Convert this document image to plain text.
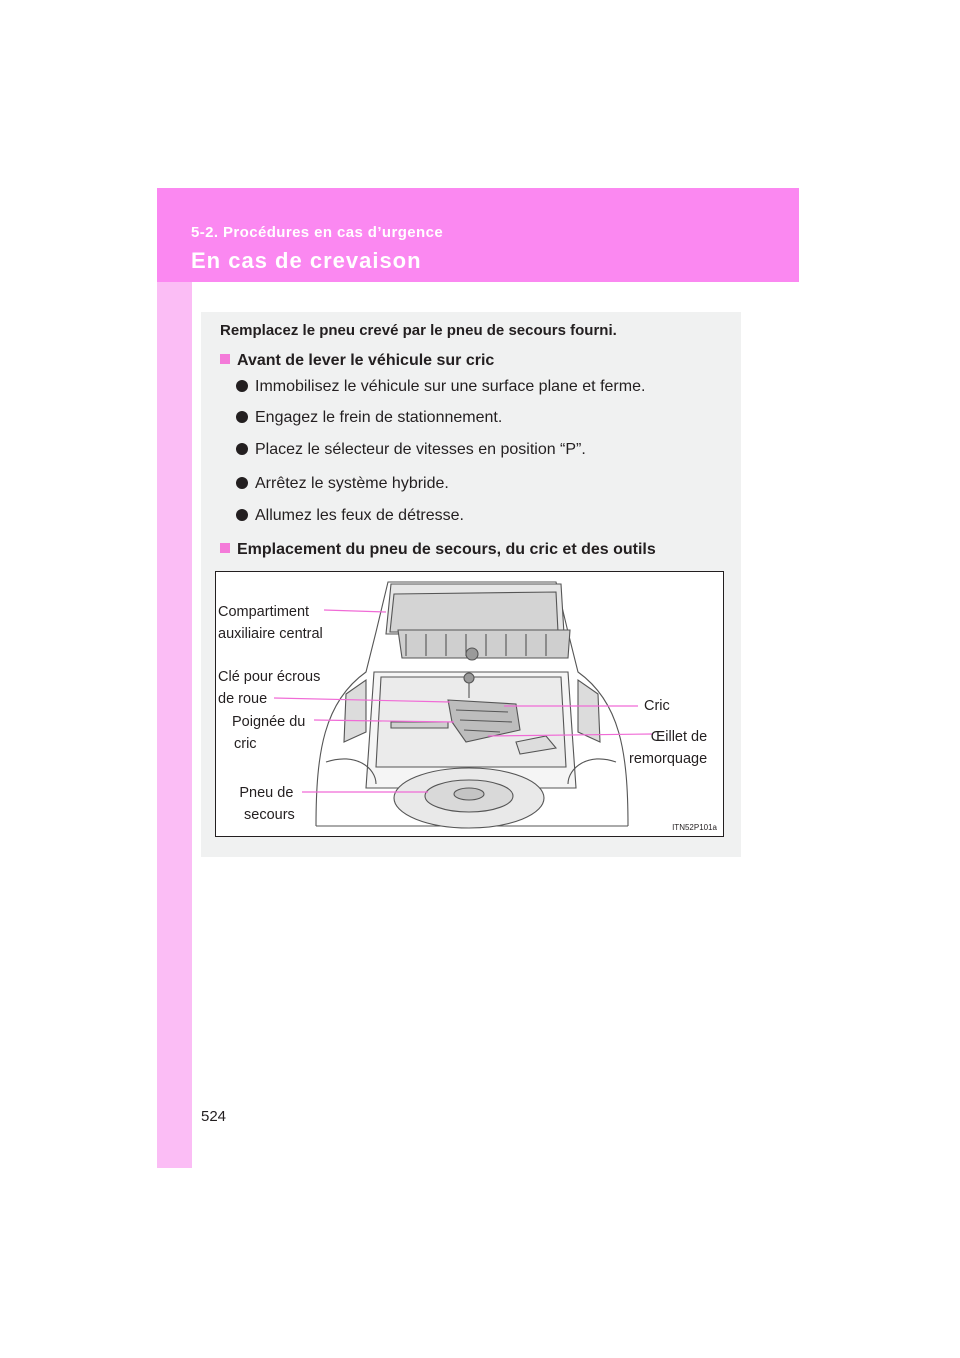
5-2. Procédures en cas d’urgence
En cas de crevaison
Remplacez le pneu crevé par le pneu de secours fourni.
Avant de lever le véhicule sur cric
Immobilisez le véhicule sur une surface plane et ferme.
Engagez le frein de stationnement.
Placez le sélecteur de vitesses en position “P”.
Arrêtez le système hybride.
Allumez les feux de détresse.
Emplacement du pneu de secours, du cric et des outils
Compartiment
auxiliaire central
Clé pour écrous
de roue
Poignée du
cric
Pneu de
secours
Cric
Œillet de
remorquage
ITN52P101a
524
